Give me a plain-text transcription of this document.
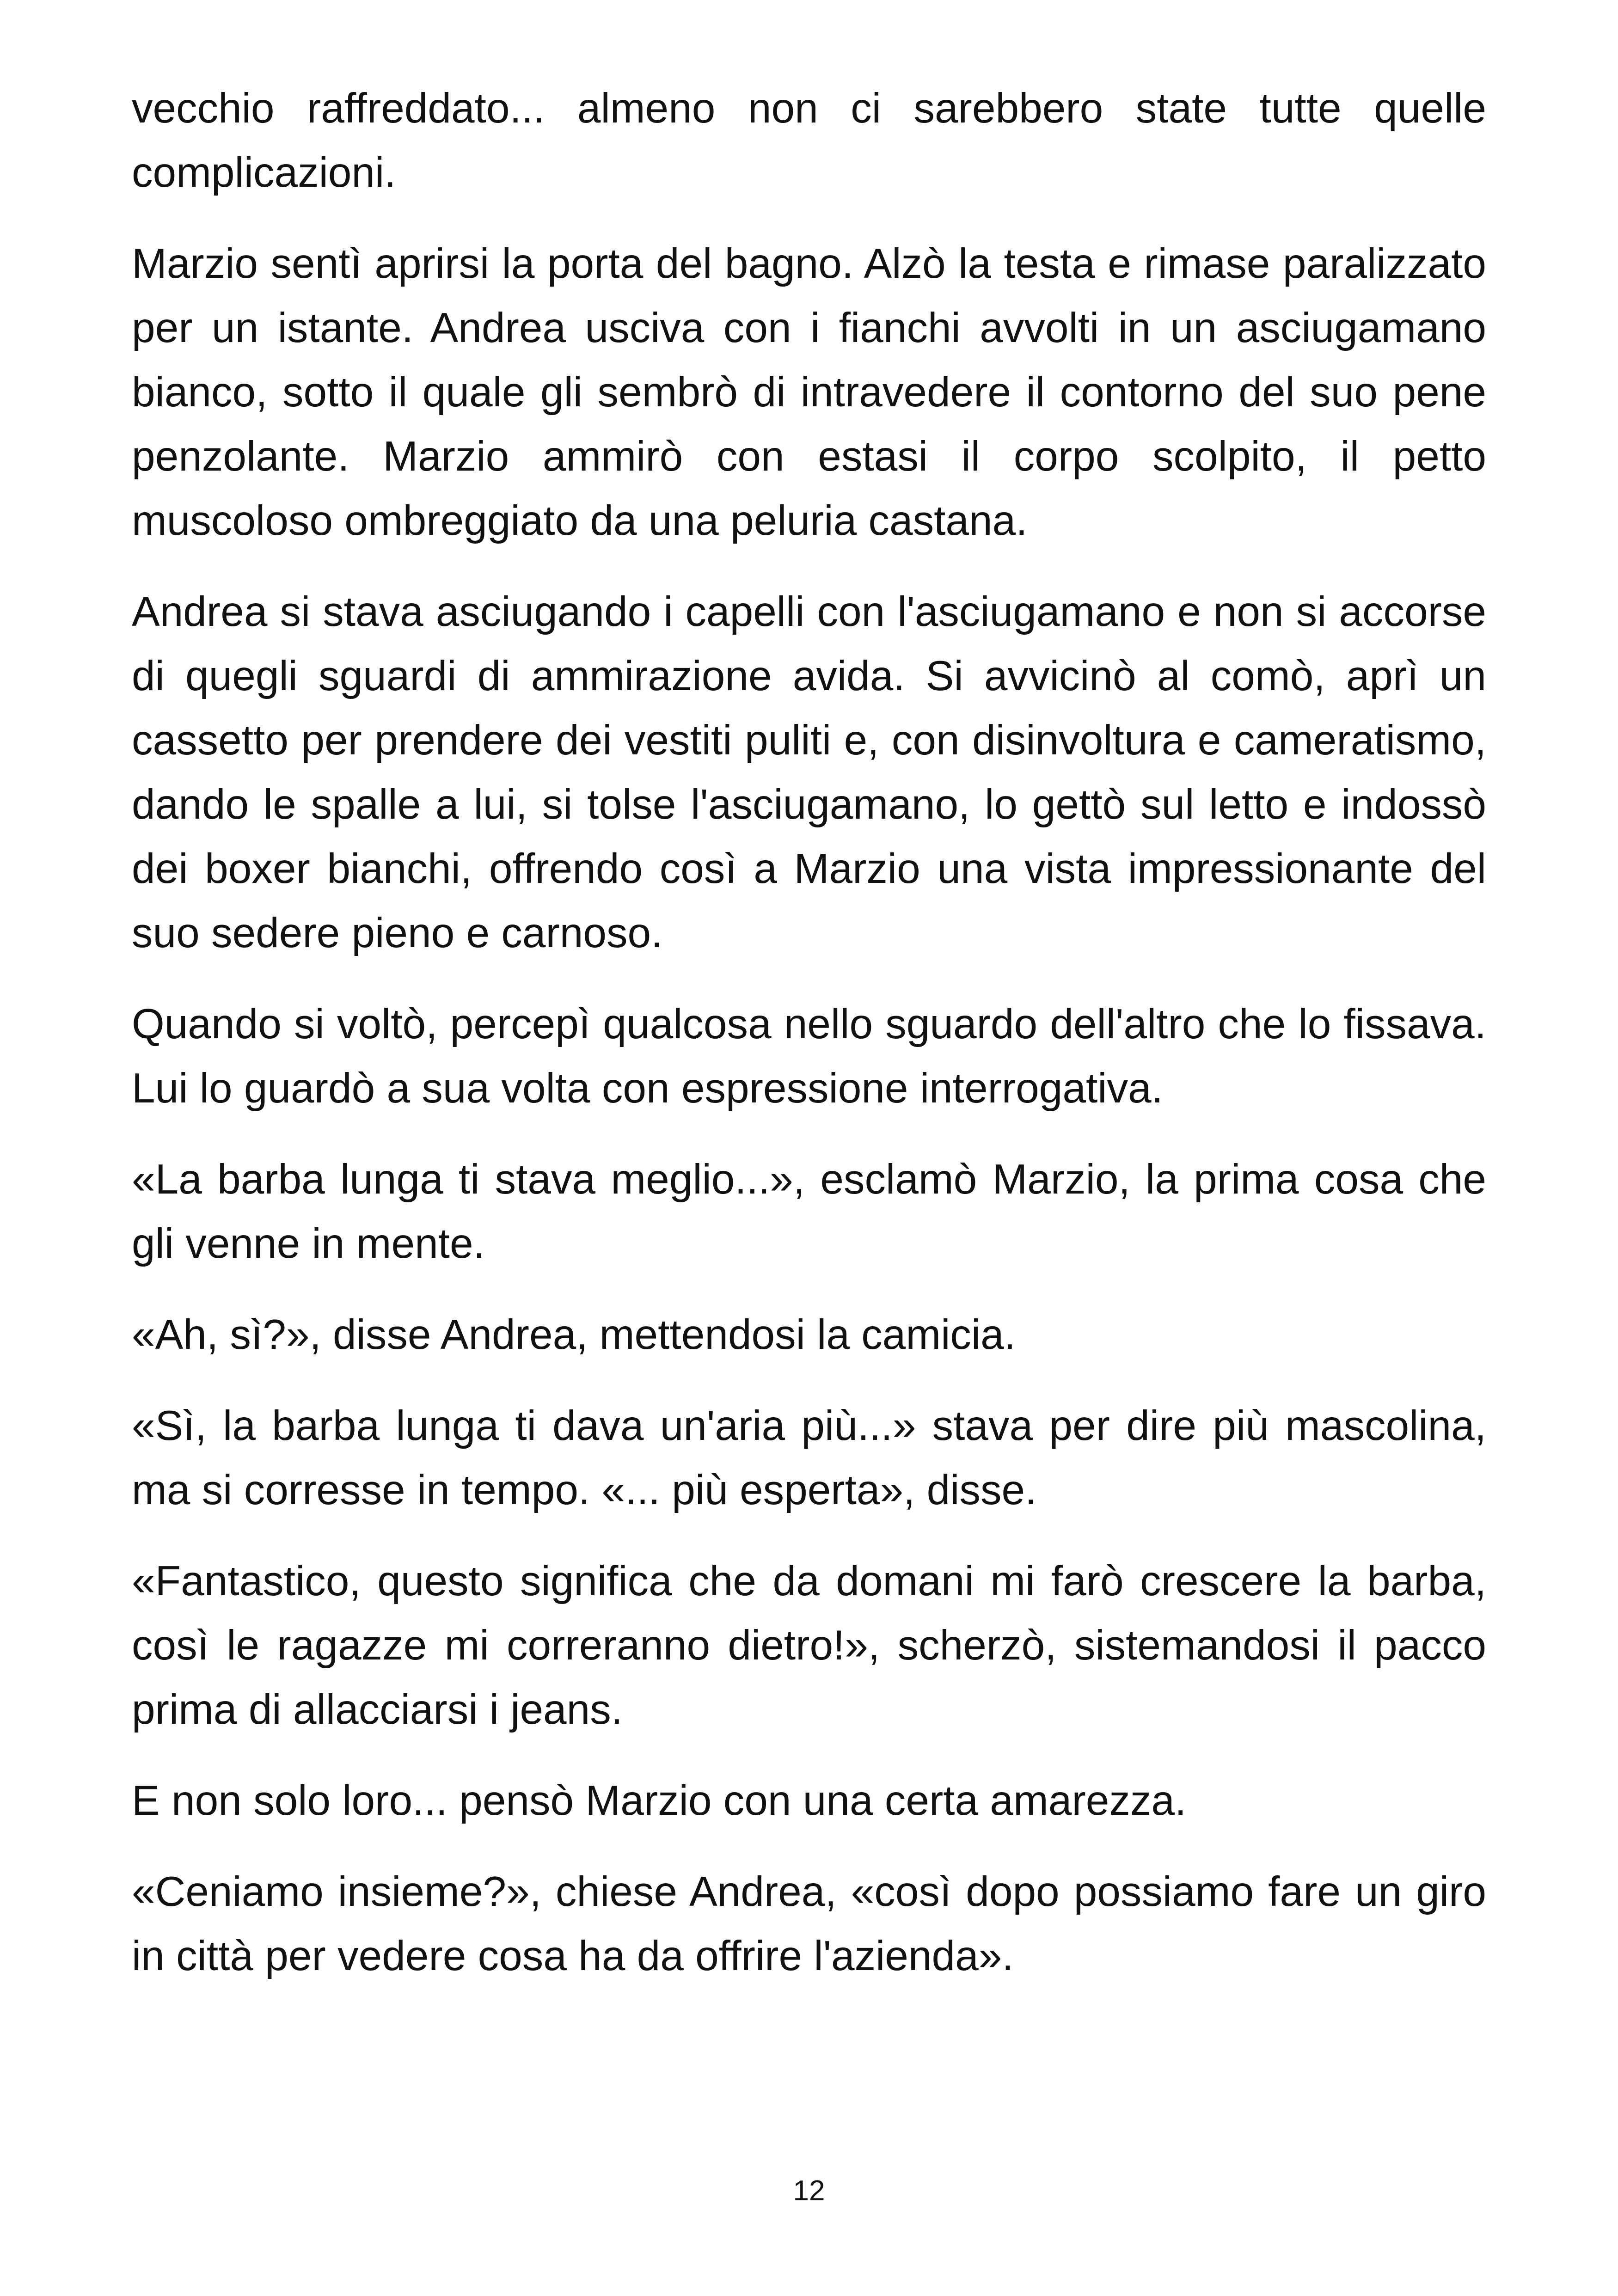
vecchio raffreddato... almeno non ci sarebbero state tutte quelle complicazioni.

Marzio sentì aprirsi la porta del bagno. Alzò la testa e rimase paralizzato per un istante. Andrea usciva con i fianchi avvolti in un asciugamano bianco, sotto il quale gli sembrò di intravedere il contorno del suo pene penzolante. Marzio ammirò con estasi il corpo scolpito, il petto muscoloso ombreggiato da una peluria castana.

Andrea si stava asciugando i capelli con l'asciugamano e non si accorse di quegli sguardi di ammirazione avida. Si avvicinò al comò, aprì un cassetto per prendere dei vestiti puliti e, con disinvoltura e cameratismo, dando le spalle a lui, si tolse l'asciugamano, lo gettò sul letto e indossò dei boxer bianchi, offrendo così a Marzio una vista impressionante del suo sedere pieno e carnoso.

Quando si voltò, percepì qualcosa nello sguardo dell'altro che lo fissava. Lui lo guardò a sua volta con espressione interrogativa.

«La barba lunga ti stava meglio...», esclamò Marzio, la prima cosa che gli venne in mente.

«Ah, sì?», disse Andrea, mettendosi la camicia.

«Sì, la barba lunga ti dava un'aria più...» stava per dire più mascolina, ma si corresse in tempo. «... più esperta», disse.

«Fantastico, questo significa che da domani mi farò crescere la barba, così le ragazze mi correranno dietro!», scherzò, sistemandosi il pacco prima di allacciarsi i jeans.

E non solo loro... pensò Marzio con una certa amarezza.

«Ceniamo insieme?», chiese Andrea, «così dopo possiamo fare un giro in città per vedere cosa ha da offrire l'azienda».

12
